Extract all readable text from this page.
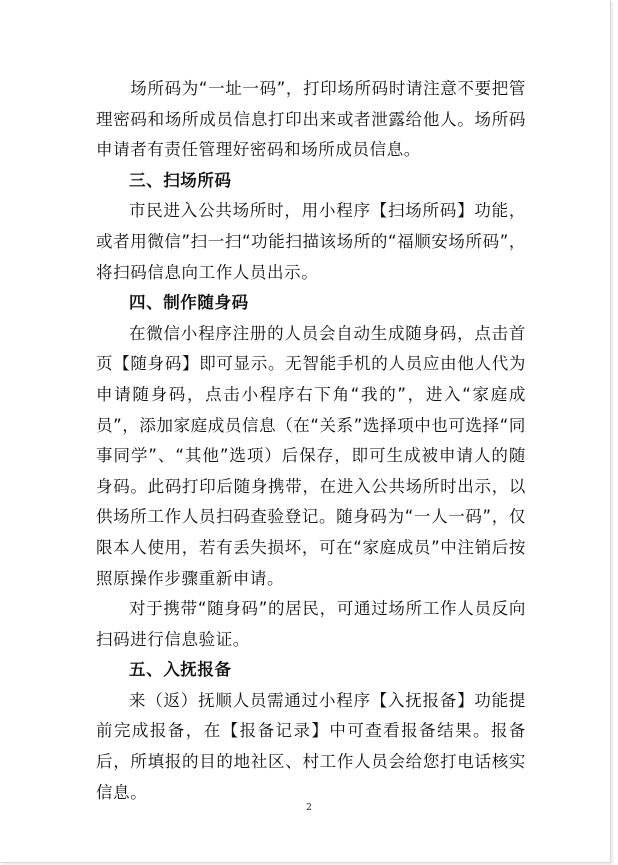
　　场所码为“一址一码”，打印场所码时请注意不要把管理密码和场所成员信息打印出来或者泄露给他人。场所码申请者有责任管理好密码和场所成员信息。

三、扫场所码

市民进入公共场所时，用小程序【扫场所码】功能，或者用微信”扫一扫“功能扫描该场所的“福顺安场所码”，将扫码信息向工作人员出示。

四、制作随身码

在微信小程序注册的人员会自动生成随身码，点击首页【随身码】即可显示。无智能手机的人员应由他人代为申请随身码，点击小程序右下角“我的”，进入“家庭成员”，添加家庭成员信息（在“关系”选择项中也可选择“同事同学”、“其他”选项）后保存，即可生成被申请人的随身码。此码打印后随身携带，在进入公共场所时出示，以供场所工作人员扫码查验登记。随身码为“一人一码”，仅限本人使用，若有丢失损坏，可在“家庭成员”中注销后按照原操作步骤重新申请。

对于携带“随身码”的居民，可通过场所工作人员反向扫码进行信息验证。

五、入抚报备

来（返）抚顺人员需通过小程序【入抚报备】功能提前完成报备，在【报备记录】中可查看报备结果。报备后，所填报的目的地社区、村工作人员会给您打电话核实信息。

2
